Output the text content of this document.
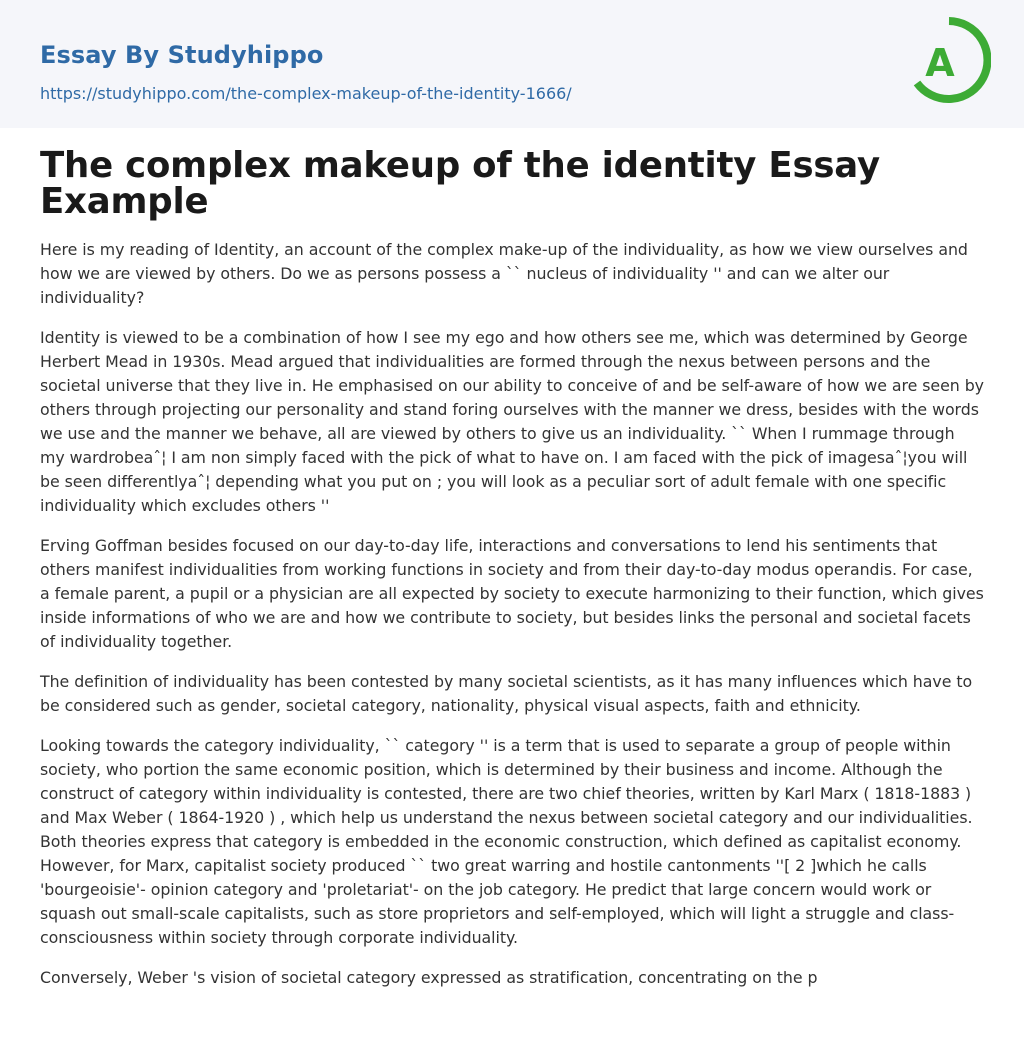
Essay By Studyhippo
https://studyhippo.com/the-complex-makeup-of-the-identity-1666/
A
The complex makeup of the identity Essay Example

Here is my reading of Identity, an account of the complex make-up of the individuality, as how we view ourselves and how we are viewed by others. Do we as persons possess a `` nucleus of individuality '' and can we alter our individuality?

Identity is viewed to be a combination of how I see my ego and how others see me, which was determined by George Herbert Mead in 1930s. Mead argued that individualities are formed through the nexus between persons and the societal universe that they live in. He emphasised on our ability to conceive of and be self-aware of how we are seen by others through projecting our personality and stand foring ourselves with the manner we dress, besides with the words we use and the manner we behave, all are viewed by others to give us an individuality. `` When I rummage through my wardrobeaˆ¦ I am non simply faced with the pick of what to have on. I am faced with the pick of imagesaˆ¦you will be seen differentlyaˆ¦ depending what you put on ; you will look as a peculiar sort of adult female with one specific individuality which excludes others ''

Erving Goffman besides focused on our day-to-day life, interactions and conversations to lend his sentiments that others manifest individualities from working functions in society and from their day-to-day modus operandis. For case, a female parent, a pupil or a physician are all expected by society to execute harmonizing to their function, which gives inside informations of who we are and how we contribute to society, but besides links the personal and societal facets of individuality together.

The definition of individuality has been contested by many societal scientists, as it has many influences which have to be considered such as gender, societal category, nationality, physical visual aspects, faith and ethnicity.

Looking towards the category individuality, `` category '' is a term that is used to separate a group of people within society, who portion the same economic position, which is determined by their business and income. Although the construct of category within individuality is contested, there are two chief theories, written by Karl Marx ( 1818-1883 ) and Max Weber ( 1864-1920 ) , which help us understand the nexus between societal category and our individualities. Both theories express that category is embedded in the economic construction, which defined as capitalist economy. However, for Marx, capitalist society produced `` two great warring and hostile cantonments ''[ 2 ]which he calls 'bourgeoisie'- opinion category and 'proletariat'- on the job category. He predict that large concern would work or squash out small-scale capitalists, such as store proprietors and self-employed, which will light a struggle and class-consciousness within society through corporate individuality.

Conversely, Weber 's vision of societal category expressed as stratification, concentrating on the p
